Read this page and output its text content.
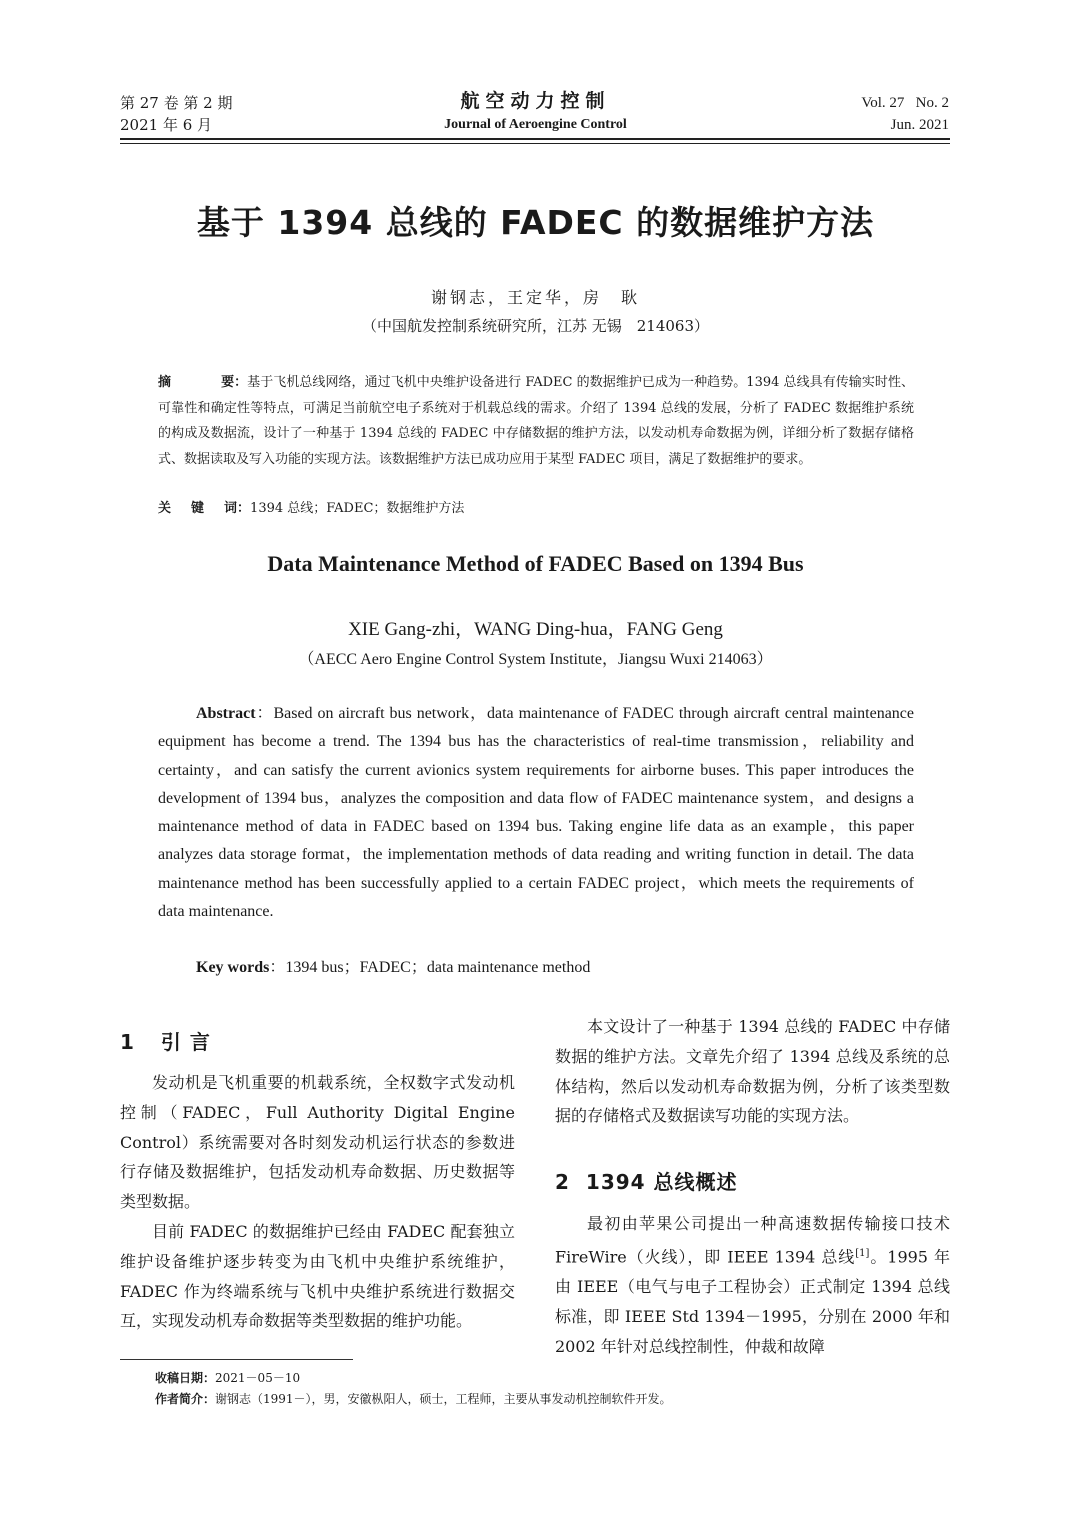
第 27 卷 第 2 期
2021 年 6 月
航空动力控制
Journal of Aeroengine Control
Vol. 27   No. 2
Jun. 2021
基于 1394 总线的 FADEC 的数据维护方法
谢钢志，王定华，房　耿
（中国航发控制系统研究所，江苏 无锡　214063）
摘	要：基于飞机总线网络，通过飞机中央维护设备进行 FADEC 的数据维护已成为一种趋势。1394 总线具有传输实时性、可靠性和确定性等特点，可满足当前航空电子系统对于机载总线的需求。介绍了 1394 总线的发展，分析了 FADEC 数据维护系统的构成及数据流，设计了一种基于 1394 总线的 FADEC 中存储数据的维护方法，以发动机寿命数据为例，详细分析了数据存储格式、数据读取及写入功能的实现方法。该数据维护方法已成功应用于某型 FADEC 项目，满足了数据维护的要求。
关 键 词：1394 总线；FADEC；数据维护方法
Data Maintenance Method of FADEC Based on 1394 Bus
XIE Gang-zhi，WANG Ding-hua，FANG Geng
（AECC Aero Engine Control System Institute，Jiangsu Wuxi 214063）
Abstract：Based on aircraft bus network，data maintenance of FADEC through aircraft central maintenance equipment has become a trend. The 1394 bus has the characteristics of real-time transmission，reliability and certainty，and can satisfy the current avionics system requirements for airborne buses. This paper introduces the development of 1394 bus，analyzes the composition and data flow of FADEC maintenance system，and designs a maintenance method of data in FADEC based on 1394 bus. Taking engine life data as an example，this paper analyzes data storage format，the implementation methods of data reading and writing function in detail. The data maintenance method has been successfully applied to a certain FADEC project，which meets the requirements of data maintenance.
Key words：1394 bus；FADEC；data maintenance method
1 引 言

发动机是飞机重要的机载系统，全权数字式发动机控制（FADEC，Full Authority Digital Engine Control）系统需要对各时刻发动机运行状态的参数进行存储及数据维护，包括发动机寿命数据、历史数据等类型数据。

目前 FADEC 的数据维护已经由 FADEC 配套独立维护设备维护逐步转变为由飞机中央维护系统维护，FADEC 作为终端系统与飞机中央维护系统进行数据交互，实现发动机寿命数据等类型数据的维护功能。

本文设计了一种基于 1394 总线的 FADEC 中存储数据的维护方法。文章先介绍了 1394 总线及系统的总体结构，然后以发动机寿命数据为例，分析了该类型数据的存储格式及数据读写功能的实现方法。

2 1394 总线概述

最初由苹果公司提出一种高速数据传输接口技术 FireWire（火线），即 IEEE 1394 总线[1]。1995 年由 IEEE（电气与电子工程协会）正式制定 1394 总线标准，即 IEEE Std 1394－1995，分别在 2000 年和 2002 年针对总线控制性，仲裁和故障

收稿日期：2021－05－10
作者简介：谢钢志（1991－），男，安徽枞阳人，硕士，工程师，主要从事发动机控制软件开发。
